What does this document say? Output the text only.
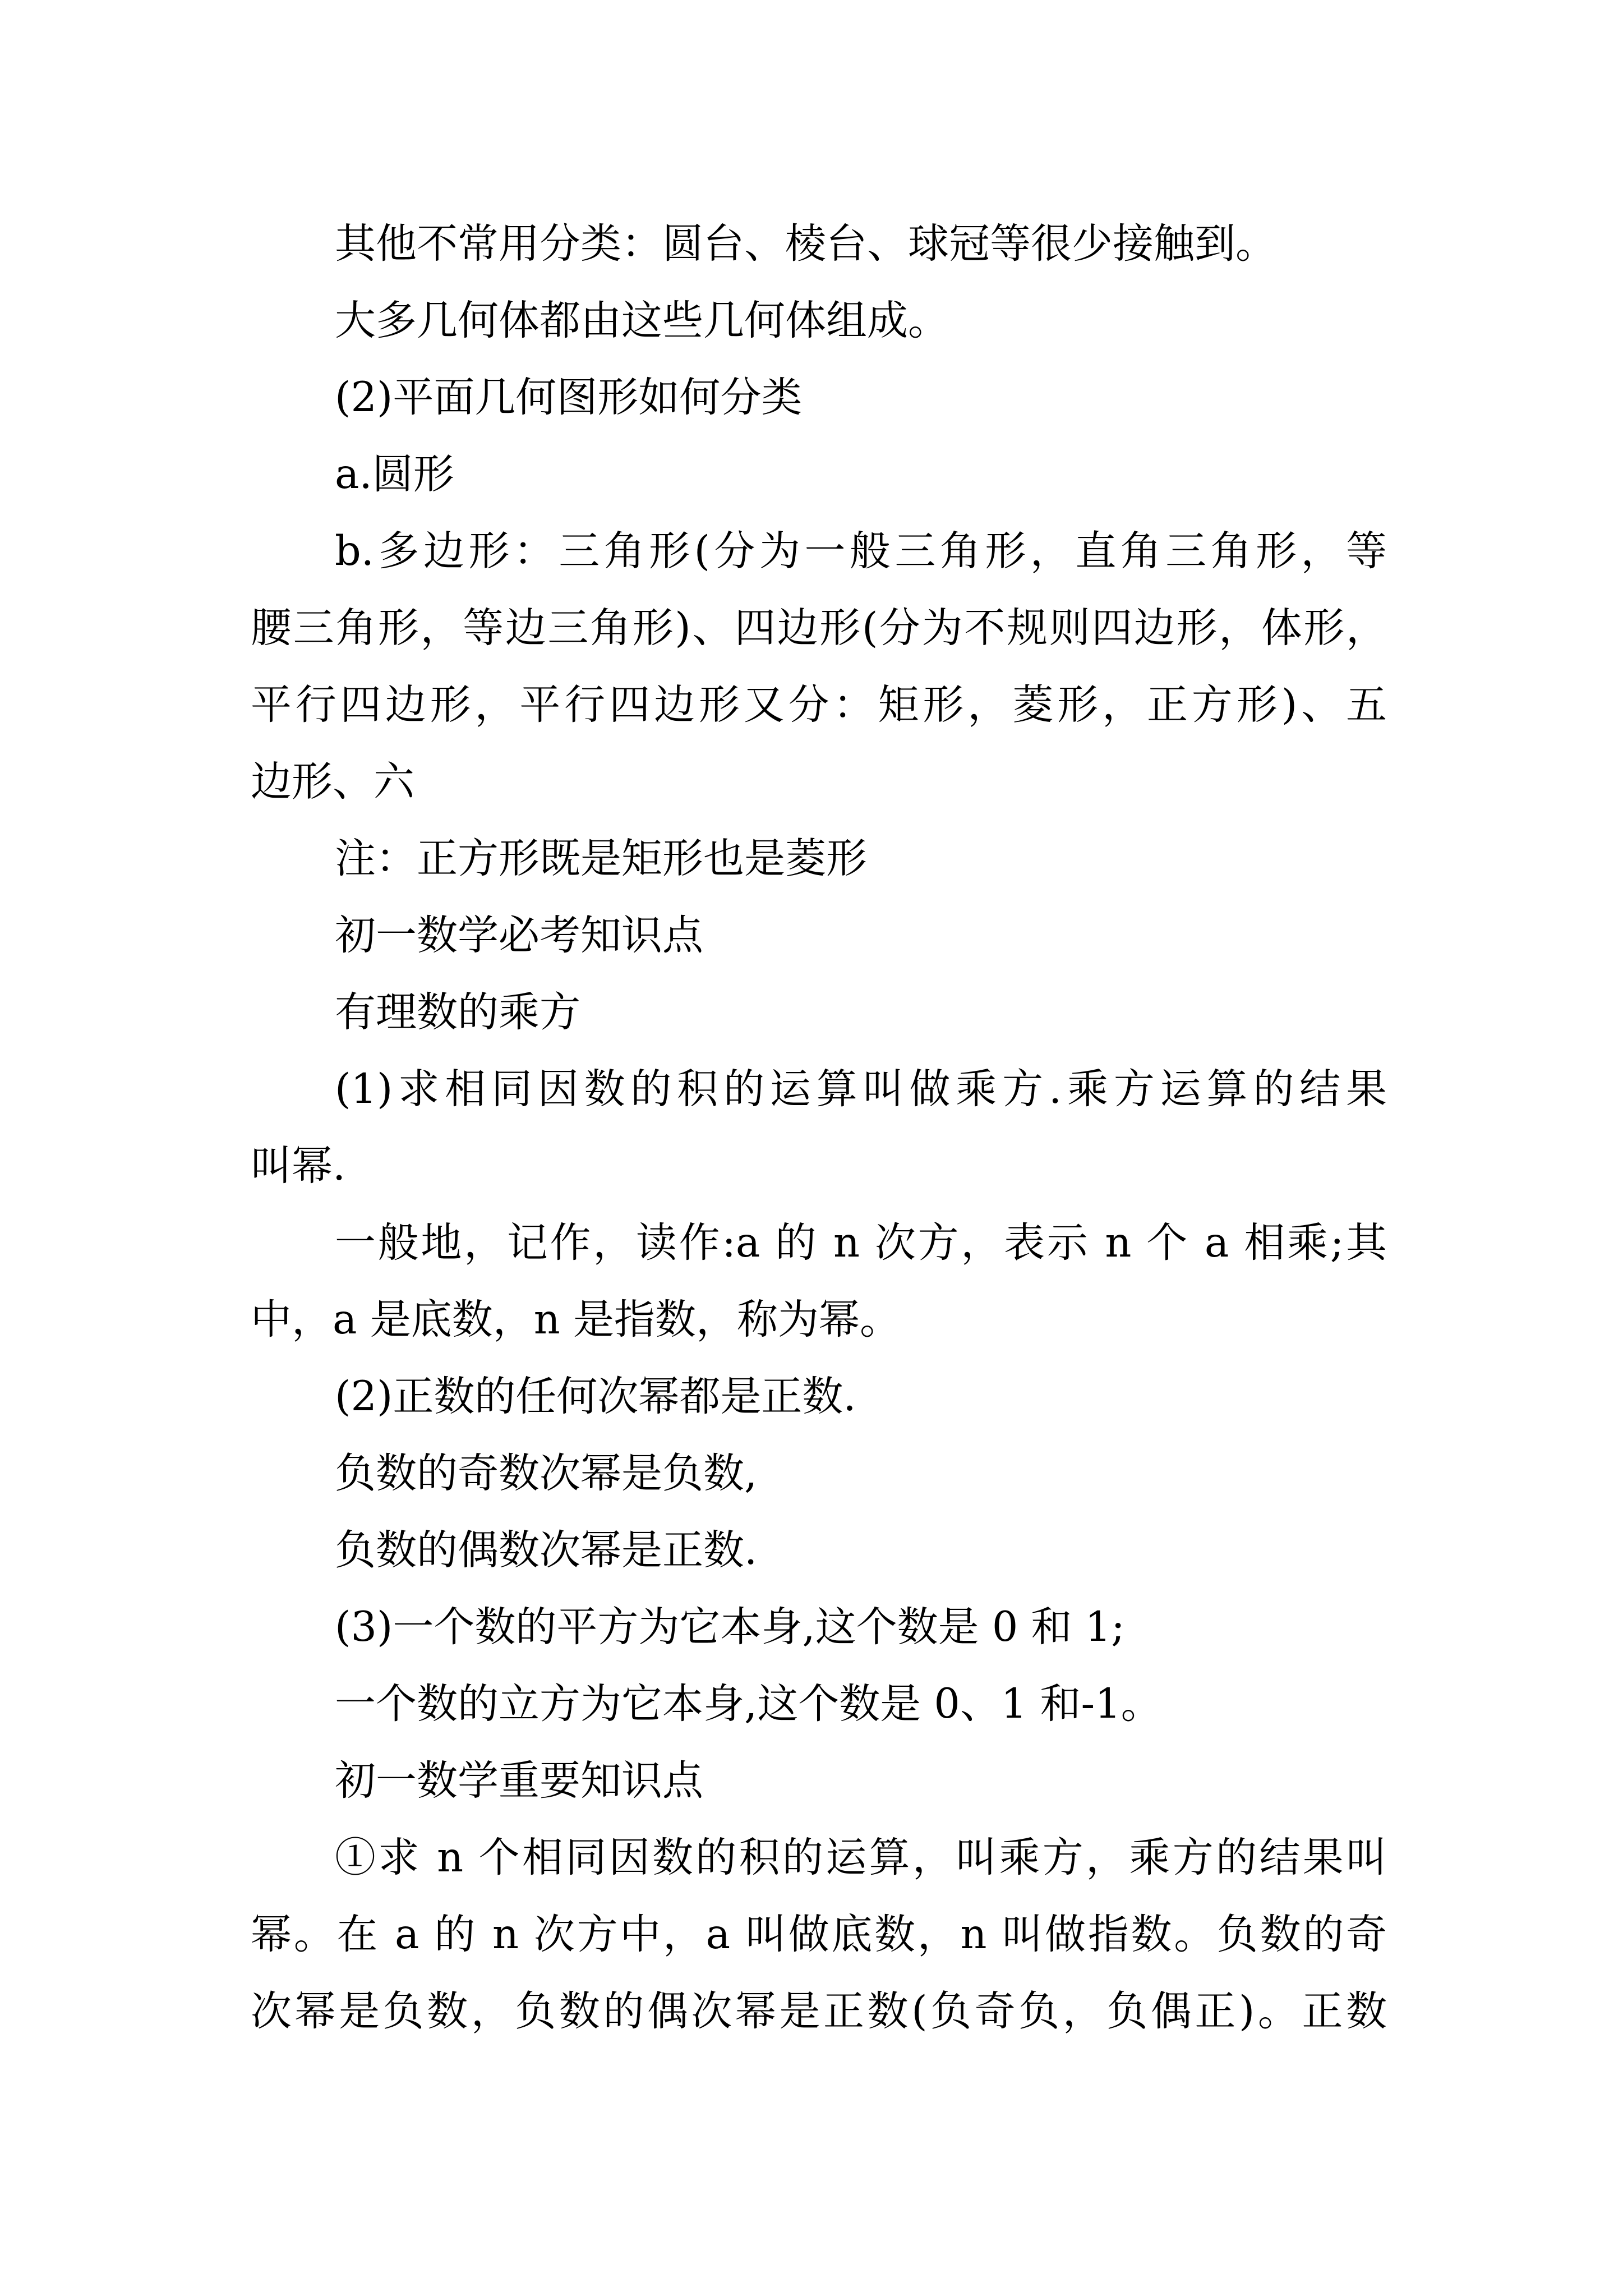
其他不常用分类：圆台、棱台、球冠等很少接触到。
大多几何体都由这些几何体组成。
(2)平面几何图形如何分类
a.圆形
b.多边形：三角形(分为一般三角形，直角三角形，等
腰三角形，等边三角形)、四边形(分为不规则四边形，体形，
平行四边形，平行四边形又分：矩形，菱形，正方形)、五
边形、六
注：正方形既是矩形也是菱形
初一数学必考知识点
有理数的乘方
(1)求相同因数的积的运算叫做乘方.乘方运算的结果
叫幂.
一般地，记作，读作:a 的 n 次方，表示 n 个 a 相乘;其
中，a 是底数，n 是指数，称为幂。
(2)正数的任何次幂都是正数.
负数的奇数次幂是负数,
负数的偶数次幂是正数.
(3)一个数的平方为它本身,这个数是 0 和 1;
一个数的立方为它本身,这个数是 0、1 和-1。
初一数学重要知识点
①求 n 个相同因数的积的运算，叫乘方，乘方的结果叫
幂。在 a 的 n 次方中，a 叫做底数，n 叫做指数。负数的奇
次幂是负数，负数的偶次幂是正数(负奇负，负偶正)。正数
